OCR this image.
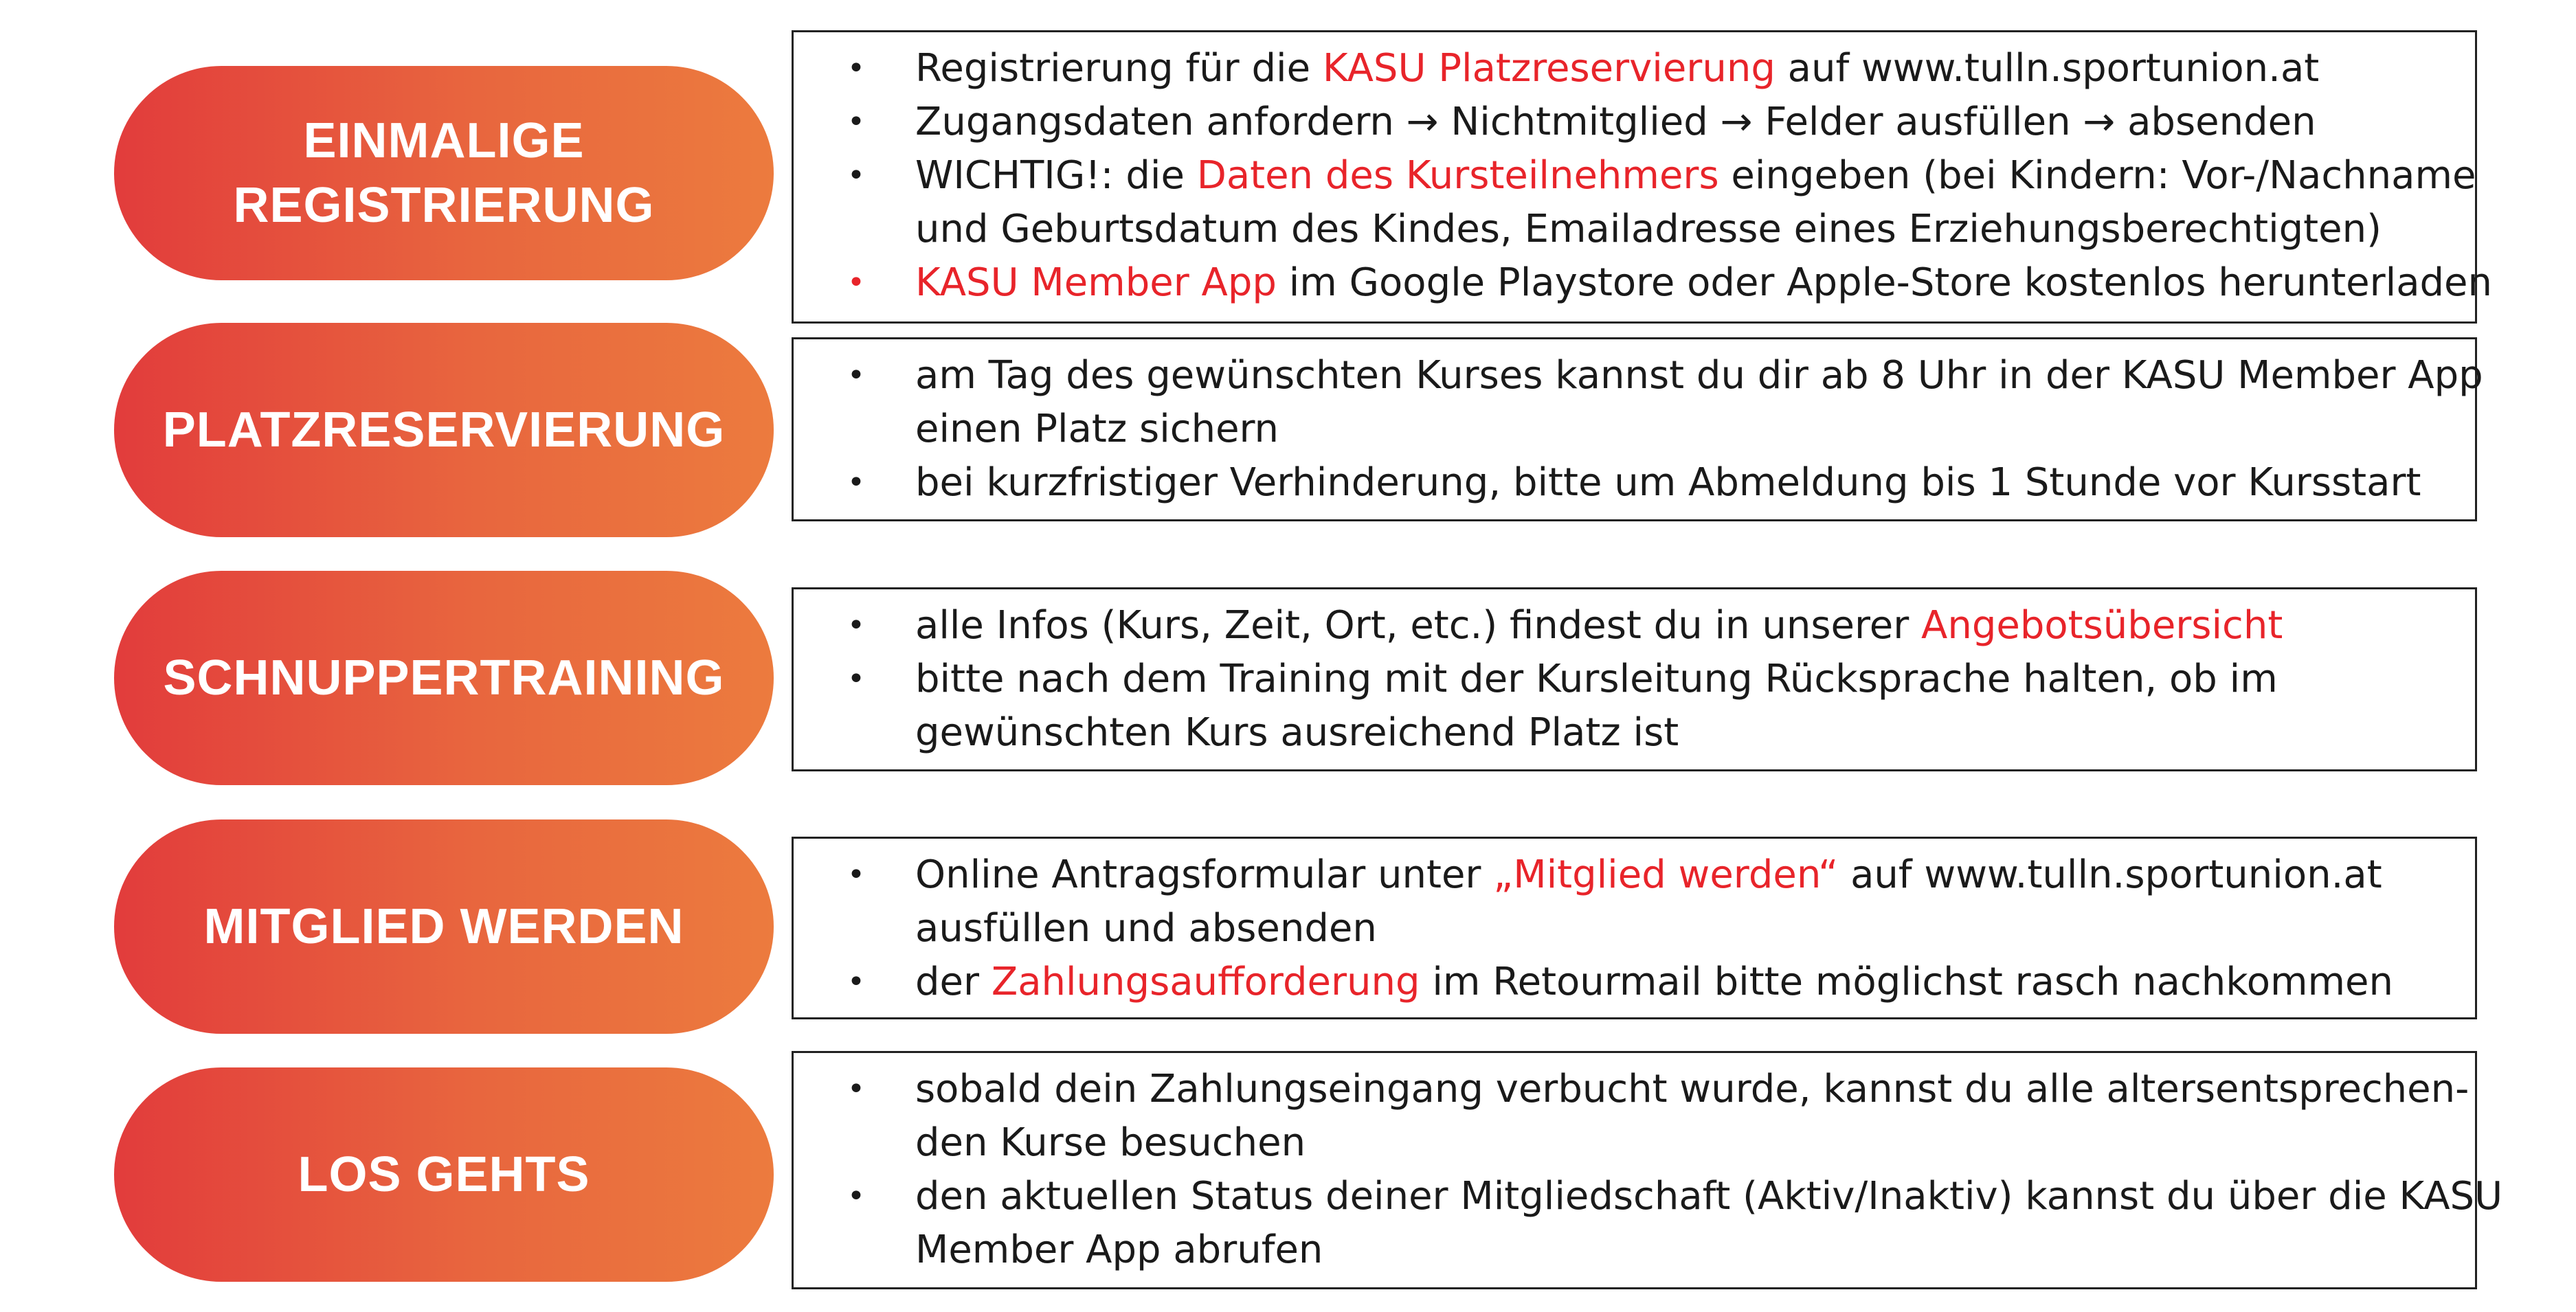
EINMALIGE
REGISTRIERUNG
• Registrierung für die KASU Platzreservierung auf www.tulln.sportunion.at
• Zugangsdaten anfordern → Nichtmitglied → Felder ausfüllen → absenden
• WICHTIG!: die Daten des Kursteilnehmers eingeben (bei Kindern: Vor-/Nachname
und Geburtsdatum des Kindes, Emailadresse eines Erziehungsberechtigten)
• KASU Member App im Google Playstore oder Apple-Store kostenlos herunterladen
PLATZRESERVIERUNG
• am Tag des gewünschten Kurses kannst du dir ab 8 Uhr in der KASU Member App
einen Platz sichern
• bei kurzfristiger Verhinderung, bitte um Abmeldung bis 1 Stunde vor Kursstart
SCHNUPPERTRAINING
• alle Infos (Kurs, Zeit, Ort, etc.) findest du in unserer Angebotsübersicht
• bitte nach dem Training mit der Kursleitung Rücksprache halten, ob im
gewünschten Kurs ausreichend Platz ist
MITGLIED WERDEN
• Online Antragsformular unter „Mitglied werden“ auf www.tulln.sportunion.at
ausfüllen und absenden
• der Zahlungsaufforderung im Retourmail bitte möglichst rasch nachkommen
LOS GEHTS
• sobald dein Zahlungseingang verbucht wurde, kannst du alle altersentsprechen-
den Kurse besuchen
• den aktuellen Status deiner Mitgliedschaft (Aktiv/Inaktiv) kannst du über die KASU
Member App abrufen
